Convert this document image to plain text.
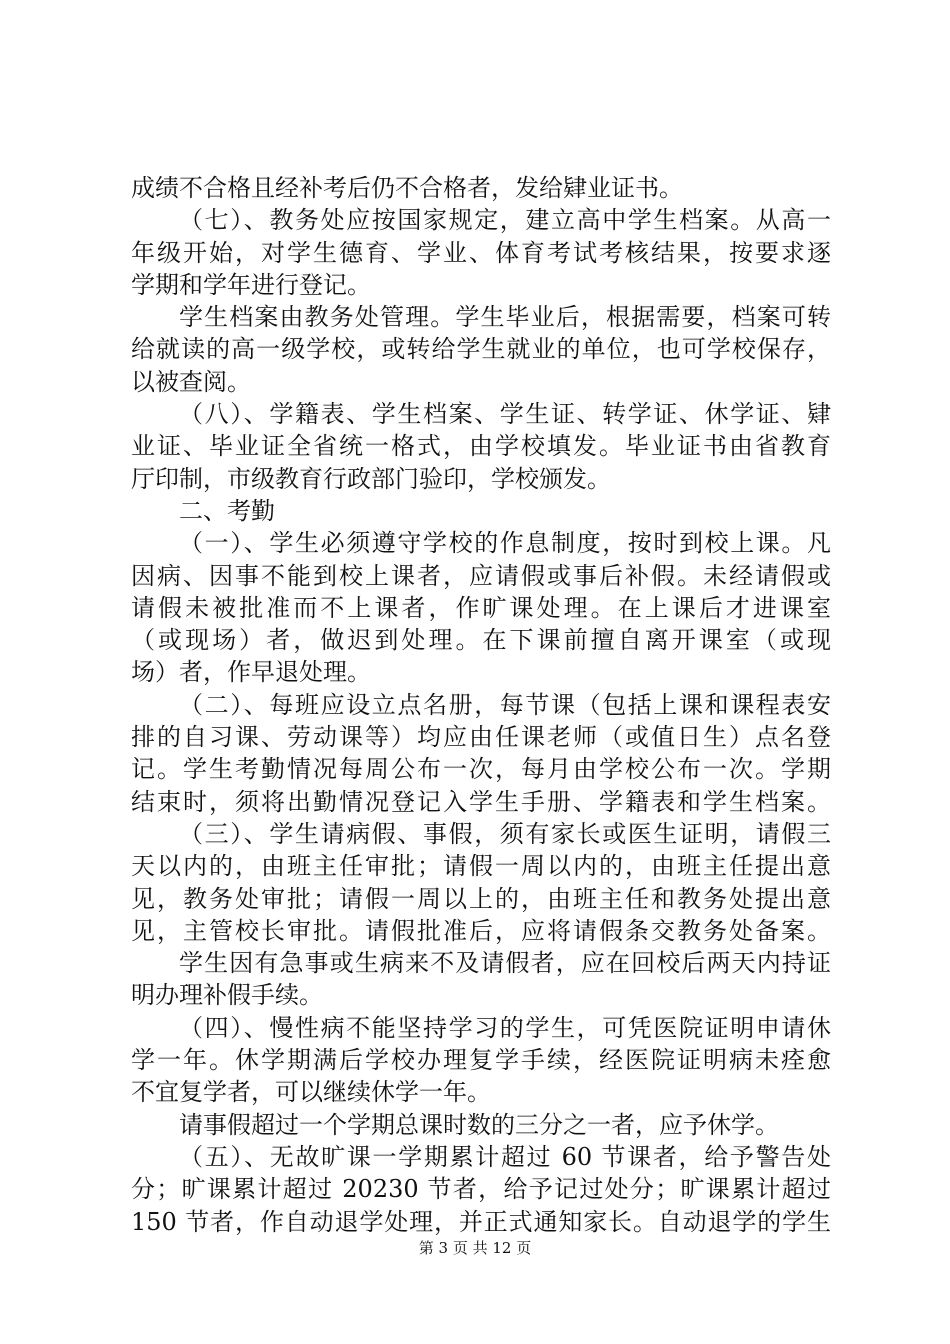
成绩不合格且经补考后仍不合格者，发给肄业证书。
（七）、教务处应按国家规定，建立高中学生档案。从高一
年级开始，对学生德育、学业、体育考试考核结果，按要求逐
学期和学年进行登记。
学生档案由教务处管理。学生毕业后，根据需要，档案可转
给就读的高一级学校，或转给学生就业的单位，也可学校保存，
以被查阅。
（八）、学籍表、学生档案、学生证、转学证、休学证、肄
业证、毕业证全省统一格式，由学校填发。毕业证书由省教育
厅印制，市级教育行政部门验印，学校颁发。
二、考勤
（一）、学生必须遵守学校的作息制度，按时到校上课。凡
因病、因事不能到校上课者，应请假或事后补假。未经请假或
请假未被批准而不上课者，作旷课处理。在上课后才进课室
（或现场）者，做迟到处理。在下课前擅自离开课室（或现
场）者，作早退处理。
（二）、每班应设立点名册，每节课（包括上课和课程表安
排的自习课、劳动课等）均应由任课老师（或值日生）点名登
记。学生考勤情况每周公布一次，每月由学校公布一次。学期
结束时，须将出勤情况登记入学生手册、学籍表和学生档案。
（三）、学生请病假、事假，须有家长或医生证明，请假三
天以内的，由班主任审批；请假一周以内的，由班主任提出意
见，教务处审批；请假一周以上的，由班主任和教务处提出意
见，主管校长审批。请假批准后，应将请假条交教务处备案。
学生因有急事或生病来不及请假者，应在回校后两天内持证
明办理补假手续。
（四）、慢性病不能坚持学习的学生，可凭医院证明申请休
学一年。休学期满后学校办理复学手续，经医院证明病未痊愈
不宜复学者，可以继续休学一年。
请事假超过一个学期总课时数的三分之一者，应予休学。
（五）、无故旷课一学期累计超过 60 节课者，给予警告处
分；旷课累计超过 20230 节者，给予记过处分；旷课累计超过
150 节者，作自动退学处理，并正式通知家长。自动退学的学生
第 3 页 共 12 页
